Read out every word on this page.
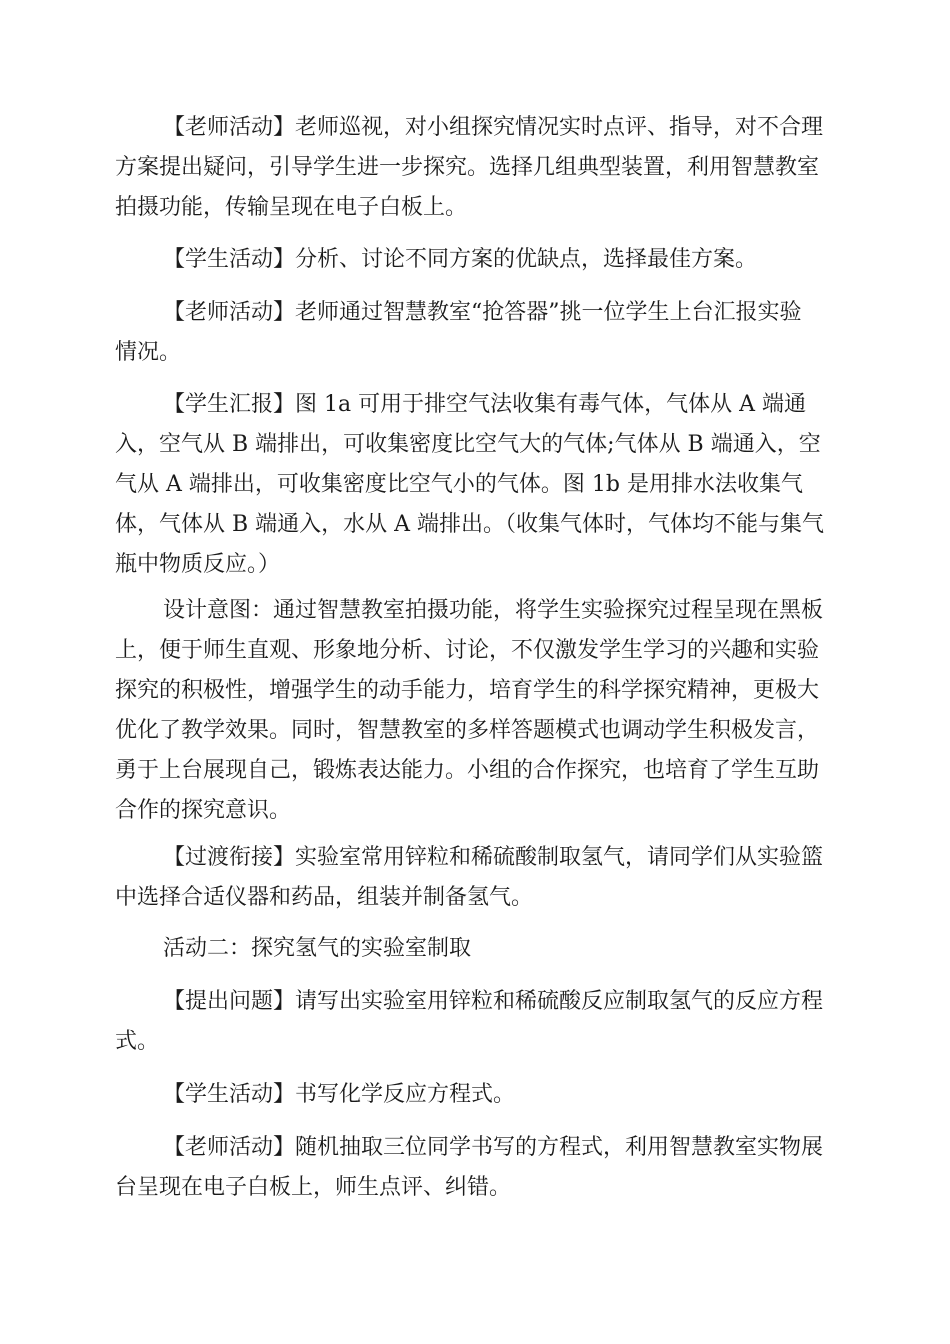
【老师活动】老师巡视，对小组探究情况实时点评、指导，对不合理
方案提出疑问，引导学生进一步探究。选择几组典型装置，利用智慧教室
拍摄功能，传输呈现在电子白板上。
【学生活动】分析、讨论不同方案的优缺点，选择最佳方案。
【老师活动】老师通过智慧教室“抢答器”挑一位学生上台汇报实验
情况。
【学生汇报】图 1a 可用于排空气法收集有毒气体，气体从 A 端通
入，空气从 B 端排出，可收集密度比空气大的气体;气体从 B 端通入，空
气从 A 端排出，可收集密度比空气小的气体。图 1b 是用排水法收集气
体，气体从 B 端通入，水从 A 端排出。（收集气体时，气体均不能与集气
瓶中物质反应。）
设计意图：通过智慧教室拍摄功能，将学生实验探究过程呈现在黑板
上，便于师生直观、形象地分析、讨论，不仅激发学生学习的兴趣和实验
探究的积极性，增强学生的动手能力，培育学生的科学探究精神，更极大
优化了教学效果。同时，智慧教室的多样答题模式也调动学生积极发言，
勇于上台展现自己，锻炼表达能力。小组的合作探究，也培育了学生互助
合作的探究意识。
【过渡衔接】实验室常用锌粒和稀硫酸制取氢气，请同学们从实验篮
中选择合适仪器和药品，组装并制备氢气。
活动二：探究氢气的实验室制取
【提出问题】请写出实验室用锌粒和稀硫酸反应制取氢气的反应方程
式。
【学生活动】书写化学反应方程式。
【老师活动】随机抽取三位同学书写的方程式，利用智慧教室实物展
台呈现在电子白板上，师生点评、纠错。
